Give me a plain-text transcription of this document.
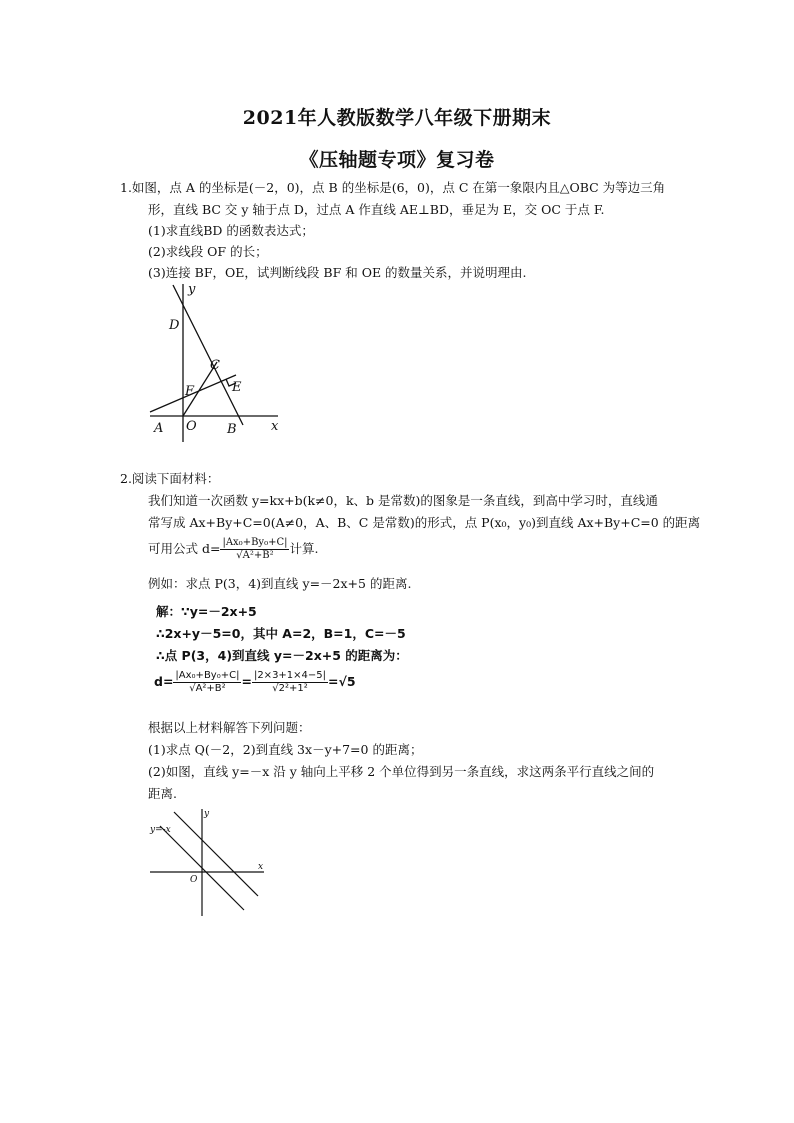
2021年人教版数学八年级下册期末
《压轴题专项》复习卷
1.如图，点 A 的坐标是(－2，0)，点 B 的坐标是(6，0)，点 C 在第一象限内且△OBC 为等边三角
形，直线 BC 交 y 轴于点 D，过点 A 作直线 AE⊥BD，垂足为 E，交 OC 于点 F.
(1)求直线BD 的函数表达式；
(2)求线段 OF 的长；
(3)连接 BF，OE，试判断线段 BF 和 OE 的数量关系，并说明理由.
y
D
C
E
F
A O B	x
2.阅读下面材料：
我们知道一次函数 y=kx+b(k≠0，k、b 是常数)的图象是一条直线，到高中学习时，直线通
常写成 Ax+By+C=0(A≠0，A、B、C 是常数)的形式，点 P(x₀，y₀)到直线 Ax+By+C=0 的距离
可用公式 $d= \frac{\text{|Ax₀+By₀+C|}}{\text{√A²+B²}}$ 计算.
例如：求点 P(3，4)到直线 y=－2x+5 的距离.
解：∵y=－2x+5
∴2x+y－5=0，其中 A=2，B=1，C=－5
∴点 P(3，4)到直线 y=－2x+5 的距离为：
$d= \frac{\text{|Ax₀+By₀+C|}}{\text{√A²+B²}} = \frac{|2\times 3+1\times 4-5|}{\text{√2²+1²}} =√5$
根据以上材料解答下列问题：
(1)求点 Q(－2，2)到直线 3x－y+7=0 的距离；
(2)如图，直线 y=－x 沿 y 轴向上平移 2 个单位得到另一条直线，求这两条平行直线之间的
距离.
y=-x
y
x
O
